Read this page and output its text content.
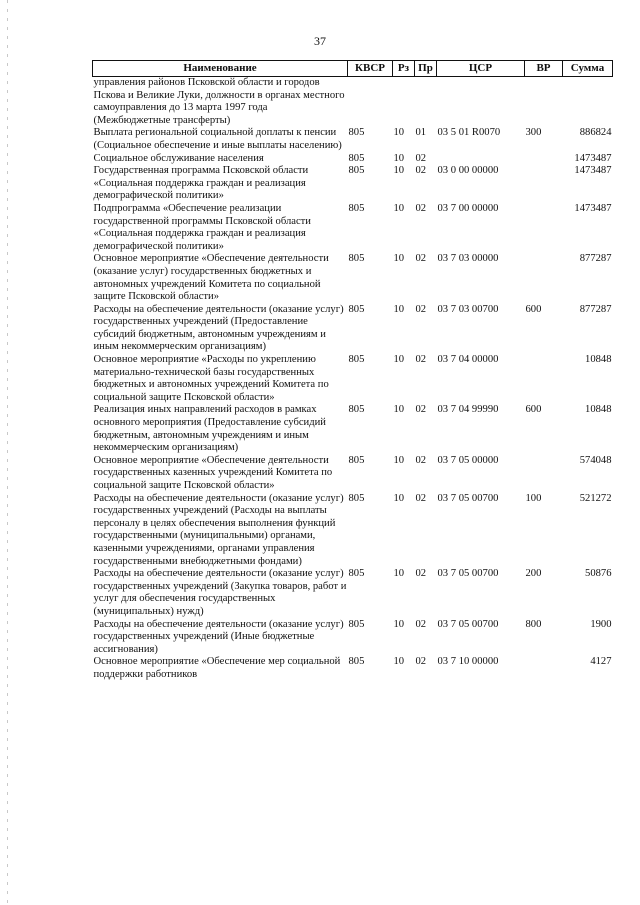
37
Наименование	КВСР	Рз	Пр	ЦСР	ВР	Сумма
управления районов Псковской области и городов Пскова и Великие Луки, должности в органах местного самоуправления до 13 марта 1997 года (Межбюджетные трансферты)						
Выплата региональной социальной доплаты к пенсии (Социальное обеспечение и иные выплаты населению)	805	10	01	03 5 01 R0070	300	886824
Социальное обслуживание населения	805	10	02			1473487
Государственная программа Псковской области «Социальная поддержка граждан и реализация демографической политики»	805	10	02	03 0 00 00000		1473487
Подпрограмма «Обеспечение реализации государственной программы Псковской области «Социальная поддержка граждан и реализация демографической политики»	805	10	02	03 7 00 00000		1473487
Основное мероприятие «Обеспечение деятельности (оказание услуг) государственных бюджетных и автономных учреждений Комитета по социальной защите Псковской области»	805	10	02	03 7 03 00000		877287
Расходы на обеспечение деятельности (оказание услуг) государственных учреждений (Предоставление субсидий бюджетным, автономным учреждениям и иным некоммерческим организациям)	805	10	02	03 7 03 00700	600	877287
Основное мероприятие «Расходы по укреплению материально-технической базы государственных бюджетных и автономных учреждений Комитета по социальной защите Псковской области»	805	10	02	03 7 04 00000		10848
Реализация иных направлений расходов в рамках основного мероприятия (Предоставление субсидий бюджетным, автономным учреждениям и иным некоммерческим организациям)	805	10	02	03 7 04 99990	600	10848
Основное мероприятие «Обеспечение деятельности государственных казенных учреждений Комитета по социальной защите Псковской области»	805	10	02	03 7 05 00000		574048
Расходы на обеспечение деятельности (оказание услуг) государственных учреждений (Расходы на выплаты персоналу в целях обеспечения выполнения функций государственными (муниципальными) органами, казенными учреждениями, органами управления государственными внебюджетными фондами)	805	10	02	03 7 05 00700	100	521272
Расходы на обеспечение деятельности (оказание услуг) государственных учреждений (Закупка товаров, работ и услуг для обеспечения государственных (муниципальных) нужд)	805	10	02	03 7 05 00700	200	50876
Расходы на обеспечение деятельности (оказание услуг) государственных учреждений (Иные бюджетные ассигнования)	805	10	02	03 7 05 00700	800	1900
Основное мероприятие «Обеспечение мер социальной поддержки работников	805	10	02	03 7 10 00000		4127
